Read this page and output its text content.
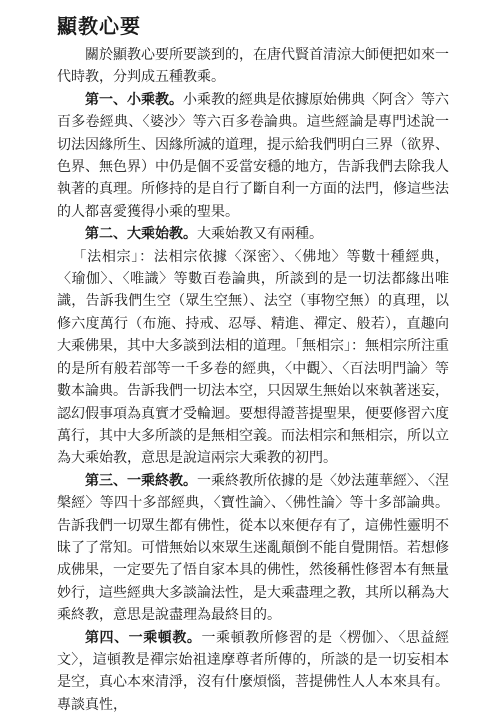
顯教心要

關於顯教心要所要談到的，在唐代賢首清涼大師便把如來一代時教，分判成五種教乘。

第一、小乘教。小乘教的經典是依據原始佛典〈阿含〉等六百多卷經典、〈婆沙〉等六百多卷論典。這些經論是專門述說一切法因緣所生、因緣所滅的道理，提示給我們明白三界（欲界、色界、無色界）中仍是個不妥當安穩的地方，告訴我們去除我人執著的真理。所修持的是自行了斷自利一方面的法門，修這些法的人都喜愛獲得小乘的聖果。

第二、大乘始教。大乘始教又有兩種。

「法相宗」：法相宗依據〈深密〉、〈佛地〉等數十種經典，〈瑜伽〉、〈唯識〉等數百卷論典，所談到的是一切法都緣出唯識，告訴我們生空（眾生空無）、法空（事物空無）的真理，以修六度萬行（布施、持戒、忍辱、精進、禪定、般若），直趣向大乘佛果，其中大多談到法相的道理。「無相宗」：無相宗所注重的是所有般若部等一千多卷的經典，〈中觀〉、〈百法明門論〉等數本論典。告訴我們一切法本空，只因眾生無始以來執著迷妄，認幻假事項為真實才受輪迴。要想得證菩提聖果，便要修習六度萬行，其中大多所談的是無相空義。而法相宗和無相宗，所以立為大乘始教，意思是說這兩宗大乘教的初門。

第三、一乘終教。一乘終教所依據的是〈妙法蓮華經〉、〈涅槃經〉等四十多部經典，〈寶性論〉、〈佛性論〉等十多部論典。告訴我們一切眾生都有佛性，從本以來便存有了，這佛性靈明不昧了了常知。可惜無始以來眾生迷亂顛倒不能自覺開悟。若想修成佛果，一定要先了悟自家本具的佛性，然後稱性修習本有無量妙行，這些經典大多談論法性，是大乘盡理之教，其所以稱為大乘終教，意思是說盡理為最終目的。

第四、一乘頓教。一乘頓教所修習的是〈楞伽〉、〈思益經文〉，這頓教是禪宗始祖達摩尊者所傳的，所談的是一切妄相本是空，真心本來清淨，沒有什麼煩惱，菩提佛性人人本來具有。專談真性，
